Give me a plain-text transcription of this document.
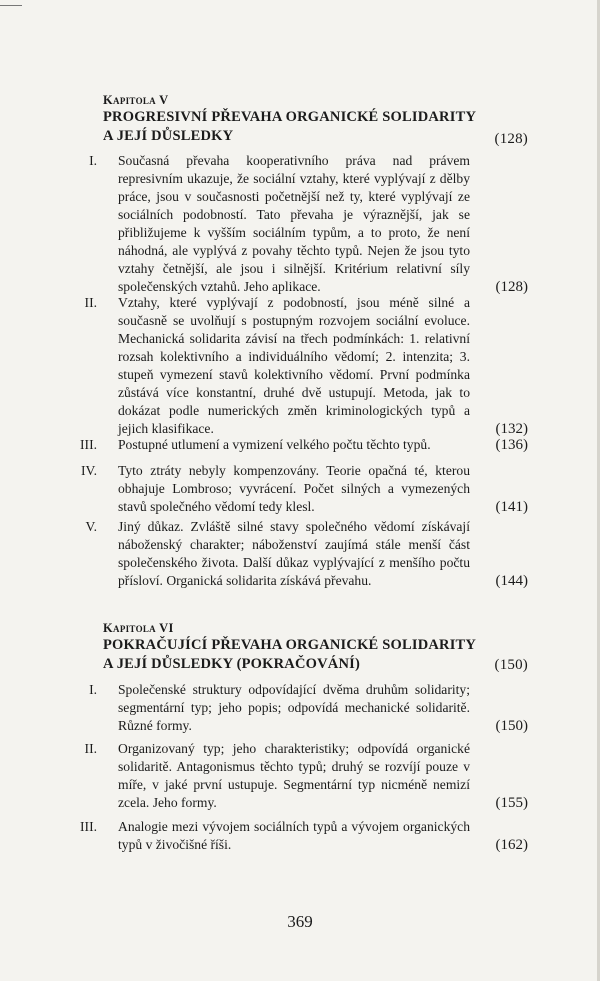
Kapitola V
PROGRESIVNÍ PŘEVAHA ORGANICKÉ SOLIDARITY
A JEJÍ DŮSLEDKY	(128)
I. Současná převaha kooperativního práva nad právem represivním ukazuje, že sociální vztahy, které vyplývají z dělby práce, jsou v současnosti početnější než ty, které vyplývají ze sociálních podobností. Tato převaha je výraznější, jak se přibližujeme k vyšším sociálním typům, a to proto, že není náhodná, ale vyplývá z povahy těchto typů. Nejen že jsou tyto vztahy četnější, ale jsou i silnější. Kritérium relativní síly společenských vztahů. Jeho aplikace.	(128)
II. Vztahy, které vyplývají z podobností, jsou méně silné a současně se uvolňují s postupným rozvojem sociální evoluce. Mechanická solidarita závisí na třech podmínkách: 1. relativní rozsah kolektivního a individuálního vědomí; 2. intenzita; 3. stupeň vymezení stavů kolektivního vědomí. První podmínka zůstává více konstantní, druhé dvě ustupují. Metoda, jak to dokázat podle numerických změn kriminologických typů a jejich klasifikace.	(132)
III. Postupné utlumení a vymizení velkého počtu těchto typů.	(136)
IV. Tyto ztráty nebyly kompenzovány. Teorie opačná té, kterou obhajuje Lombroso; vyvrácení. Počet silných a vymezených stavů společného vědomí tedy klesl.	(141)
V. Jiný důkaz. Zvláště silné stavy společného vědomí získávají náboženský charakter; náboženství zaujímá stále menší část společenského života. Další důkaz vyplývající z menšího počtu přísloví. Organická solidarita získává převahu.	(144)
Kapitola VI
POKRAČUJÍCÍ PŘEVAHA ORGANICKÉ SOLIDARITY
A JEJÍ DŮSLEDKY (POKRAČOVÁNÍ)	(150)
I. Společenské struktury odpovídající dvěma druhům solidarity; segmentární typ; jeho popis; odpovídá mechanické solidaritě. Různé formy.	(150)
II. Organizovaný typ; jeho charakteristiky; odpovídá organické solidaritě. Antagonismus těchto typů; druhý se rozvíjí pouze v míře, v jaké první ustupuje. Segmentární typ nicméně nemizí zcela. Jeho formy.	(155)
III. Analogie mezi vývojem sociálních typů a vývojem organických typů v živočišné říši.	(162)
369
